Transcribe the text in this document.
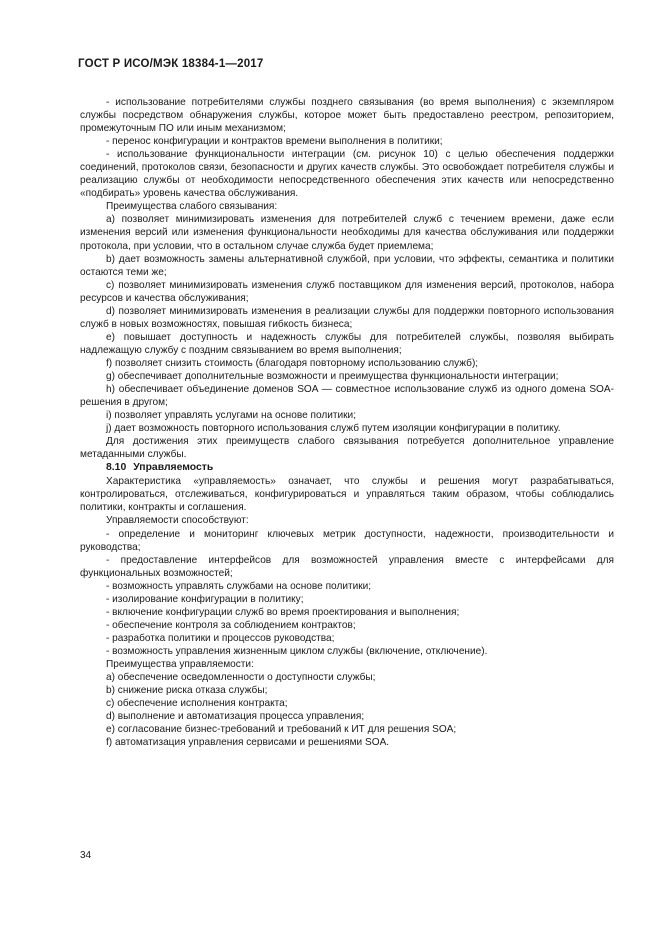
ГОСТ Р ИСО/МЭК 18384-1—2017

- использование потребителями службы позднего связывания (во время выполнения) с экземпляром службы посредством обнаружения службы, которое может быть предоставлено реестром, репозиторием, промежуточным ПО или иным механизмом;

- перенос конфигурации и контрактов времени выполнения в политики;

- использование функциональности интеграции (см. рисунок 10) с целью обеспечения поддержки соединений, протоколов связи, безопасности и других качеств службы. Это освобождает потребителя службы и реализацию службы от необходимости непосредственного обеспечения этих качеств или непосредственно «подбирать» уровень качества обслуживания.

Преимущества слабого связывания:

a) позволяет минимизировать изменения для потребителей служб с течением времени, даже если изменения версий или изменения функциональности необходимы для качества обслуживания или поддержки протокола, при условии, что в остальном случае служба будет приемлема;

b) дает возможность замены альтернативной службой, при условии, что эффекты, семантика и политики остаются теми же;

c) позволяет минимизировать изменения служб поставщиком для изменения версий, протоколов, набора ресурсов и качества обслуживания;

d) позволяет минимизировать изменения в реализации службы для поддержки повторного использования служб в новых возможностях, повышая гибкость бизнеса;

e) повышает доступность и надежность службы для потребителей службы, позволяя выбирать надлежащую службу с поздним связыванием во время выполнения;

f) позволяет снизить стоимость (благодаря повторному использованию служб);

g) обеспечивает дополнительные возможности и преимущества функциональности интеграции;

h) обеспечивает объединение доменов SOA — совместное использование служб из одного домена SOA-решения в другом;

i) позволяет управлять услугами на основе политики;

j) дает возможность повторного использования служб путем изоляции конфигурации в политику.

Для достижения этих преимуществ слабого связывания потребуется дополнительное управление метаданными службы.

8.10 Управляемость

Характеристика «управляемость» означает, что службы и решения могут разрабатываться, контролироваться, отслеживаться, конфигурироваться и управляться таким образом, чтобы соблюдались политики, контракты и соглашения.

Управляемости способствуют:

- определение и мониторинг ключевых метрик доступности, надежности, производительности и руководства;

- предоставление интерфейсов для возможностей управления вместе с интерфейсами для функциональных возможностей;

- возможность управлять службами на основе политики;

- изолирование конфигурации в политику;

- включение конфигурации служб во время проектирования и выполнения;

- обеспечение контроля за соблюдением контрактов;

- разработка политики и процессов руководства;

- возможность управления жизненным циклом службы (включение, отключение).

Преимущества управляемости:

a) обеспечение осведомленности о доступности службы;

b) снижение риска отказа службы;

c) обеспечение исполнения контракта;

d) выполнение и автоматизация процесса управления;

e) согласование бизнес-требований и требований к ИТ для решения SOA;

f) автоматизация управления сервисами и решениями SOA.

34
